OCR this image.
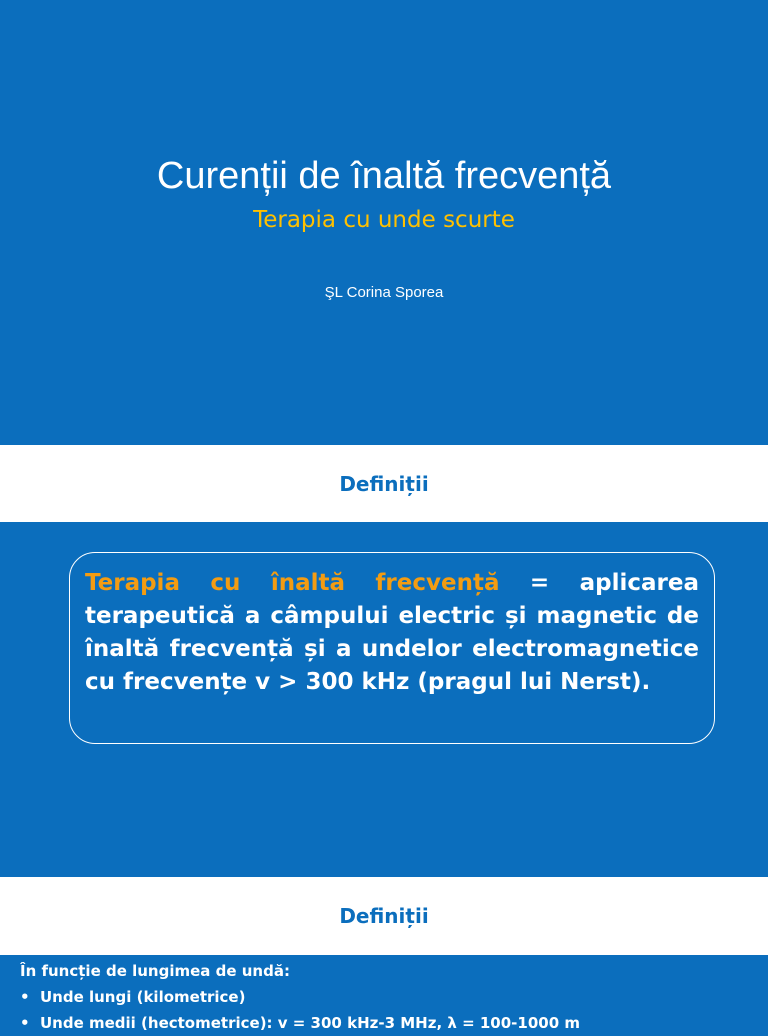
Curenții de înaltă frecvență
Terapia cu unde scurte
ŞL Corina Sporea
Definiții

Terapia cu înaltă frecvență = aplicarea terapeutică a câmpului electric și magnetic de înaltă frecvență și a undelor electromagnetice cu frecvențe v > 300 kHz (pragul lui Nerst).

Definiții

În funcție de lungimea de undă:

• Unde lungi (kilometrice)
• Unde medii (hectometrice): v = 300 kHz-3 MHz, λ = 100-1000 m
